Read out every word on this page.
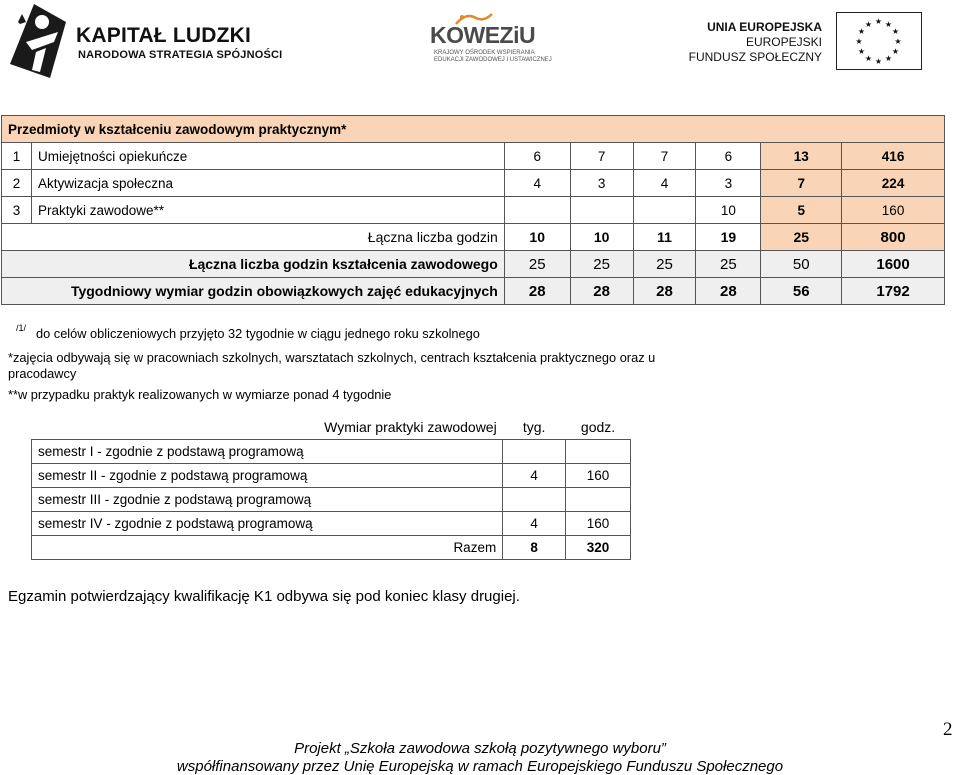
KAPITAŁ LUDZKI
NARODOWA STRATEGIA SPÓJNOŚCI
KOWEZiU
KRAJOWY OŚRODEK WSPIERANIA EDUKACJI ZAWODOWEJ I USTAWICZNEJ
UNIA EUROPEJSKA
EUROPEJSKI
FUNDUSZ SPOŁECZNY
★ ★
★
★
★
★
★
★
★
★
★
★
Przedmioty w kształceniu zawodowym praktycznym*							
1	Umiejętności opiekuńcze	6	7	7	6	13	416
2	Aktywizacja społeczna	4	3	4	3	7	224
3	Praktyki zawodowe**				10	5	160
Łączna liczba godzin		10	10	11	19	25	800
Łączna liczba godzin kształcenia zawodowego		25	25	25	25	50	1600
Tygodniowy wymiar godzin obowiązkowych zajęć edukacyjnych		28	28	28	28	56	1792
/1/ do celów obliczeniowych przyjęto 32 tygodnie w ciągu jednego roku szkolnego
*zajęcia odbywają się w pracowniach szkolnych, warsztatach szkolnych, centrach kształcenia praktycznego oraz u pracodawcy
**w przypadku praktyk realizowanych w wymiarze ponad 4 tygodnie
Wymiar praktyki zawodowej	tyg.	godz.
semestr I - zgodnie z podstawą programową		
semestr II - zgodnie z podstawą programową	4	160
semestr III - zgodnie z podstawą programową		
semestr IV - zgodnie z podstawą programową	4	160
Razem	8	320
Egzamin potwierdzający kwalifikację K1 odbywa się pod koniec klasy drugiej.
2
Projekt „Szkoła zawodowa szkołą pozytywnego wyboru”
współfinansowany przez Unię Europejską w ramach Europejskiego Funduszu Społecznego
